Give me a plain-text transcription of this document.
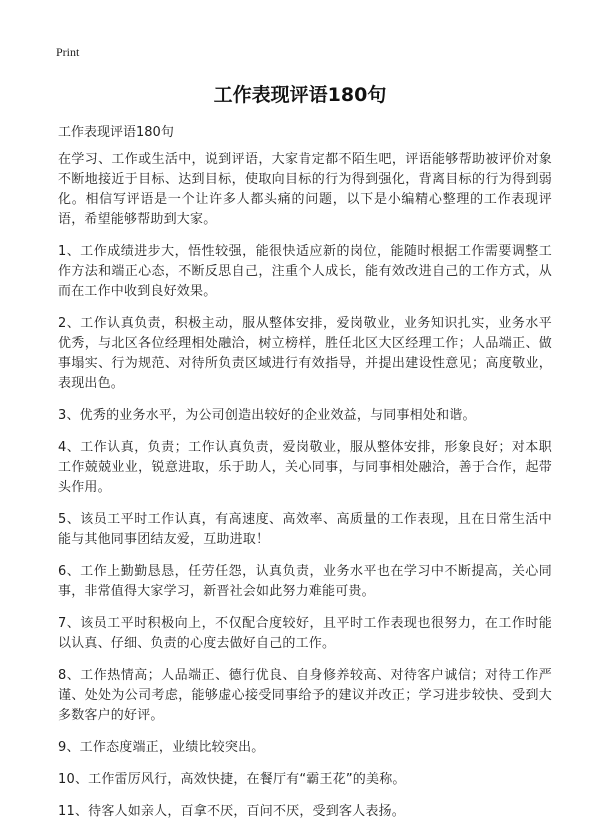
Print
工作表现评语180句
工作表现评语180句

在学习、工作或生活中，说到评语，大家肯定都不陌生吧，评语能够帮助被评价对象不断地接近于目标、达到目标，使取向目标的行为得到强化，背离目标的行为得到弱化。相信写评语是一个让许多人都头痛的问题，以下是小编精心整理的工作表现评语，希望能够帮助到大家。

1、工作成绩进步大，悟性较强，能很快适应新的岗位，能随时根据工作需要调整工作方法和端正心态，不断反思自己，注重个人成长，能有效改进自己的工作方式，从而在工作中收到良好效果。

2、工作认真负责，积极主动，服从整体安排，爱岗敬业，业务知识扎实，业务水平优秀，与北区各位经理相处融洽，树立榜样，胜任北区大区经理工作；人品端正、做事塌实、行为规范、对待所负责区域进行有效指导，并提出建设性意见；高度敬业，表现出色。

3、优秀的业务水平，为公司创造出较好的企业效益，与同事相处和谐。

4、工作认真，负责；工作认真负责，爱岗敬业，服从整体安排，形象良好；对本职工作兢兢业业，锐意进取，乐于助人，关心同事，与同事相处融洽，善于合作，起带头作用。

5、该员工平时工作认真，有高速度、高效率、高质量的工作表现，且在日常生活中能与其他同事团结友爱，互助进取！

6、工作上勤勤恳恳，任劳任怨，认真负责，业务水平也在学习中不断提高，关心同事，非常值得大家学习，新晋社会如此努力难能可贵。

7、该员工平时积极向上，不仅配合度较好，且平时工作表现也很努力，在工作时能以认真、仔细、负责的心度去做好自己的工作。

8、工作热情高；人品端正、德行优良、自身修养较高、对待客户诚信；对待工作严谨、处处为公司考虑，能够虚心接受同事给予的建议并改正；学习进步较快、受到大多数客户的好评。

9、工作态度端正，业绩比较突出。

10、工作雷厉风行，高效快捷，在餐厅有“霸王花”的美称。

11、待客人如亲人，百拿不厌，百问不厌，受到客人表扬。
